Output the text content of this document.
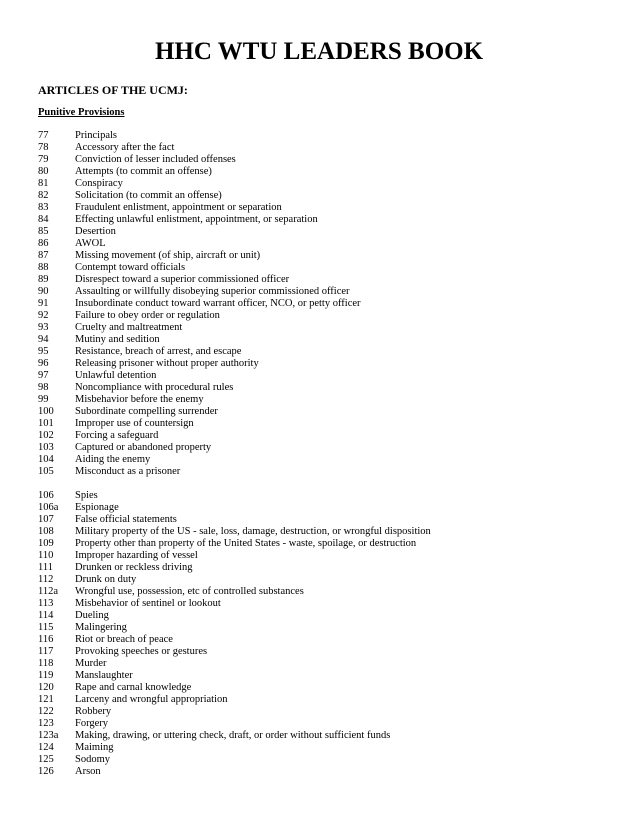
HHC WTU LEADERS BOOK
ARTICLES OF THE UCMJ:
Punitive Provisions
77	Principals
78	Accessory after the fact
79	Conviction of lesser included offenses
80	Attempts (to commit an offense)
81	Conspiracy
82	Solicitation (to commit an offense)
83	Fraudulent enlistment, appointment or separation
84	Effecting unlawful enlistment, appointment, or separation
85	Desertion
86	AWOL
87	Missing movement (of ship, aircraft or unit)
88	Contempt toward officials
89	Disrespect toward a superior commissioned officer
90	Assaulting or willfully disobeying superior commissioned officer
91	Insubordinate conduct toward warrant officer, NCO, or petty officer
92	Failure to obey order or regulation
93	Cruelty and maltreatment
94	Mutiny and sedition
95	Resistance, breach of arrest, and escape
96	Releasing prisoner without proper authority
97	Unlawful detention
98	Noncompliance with procedural rules
99	Misbehavior before the enemy
100	Subordinate compelling surrender
101	Improper use of countersign
102	Forcing a safeguard
103	Captured or abandoned property
104	Aiding the enemy
105	Misconduct as a prisoner
106	Spies
106a	Espionage
107	False official statements
108	Military property of the US - sale, loss, damage, destruction, or wrongful disposition
109	Property other than property of the United States - waste, spoilage, or destruction
110	Improper hazarding of vessel
111	Drunken or reckless driving
112	Drunk on duty
112a	Wrongful use, possession, etc of controlled substances
113	Misbehavior of sentinel or lookout
114	Dueling
115	Malingering
116	Riot or breach of peace
117	Provoking speeches or gestures
118	Murder
119	Manslaughter
120	Rape and carnal knowledge
121	Larceny and wrongful appropriation
122	Robbery
123	Forgery
123a	Making, drawing, or uttering check, draft, or order without sufficient funds
124	Maiming
125	Sodomy
126	Arson
